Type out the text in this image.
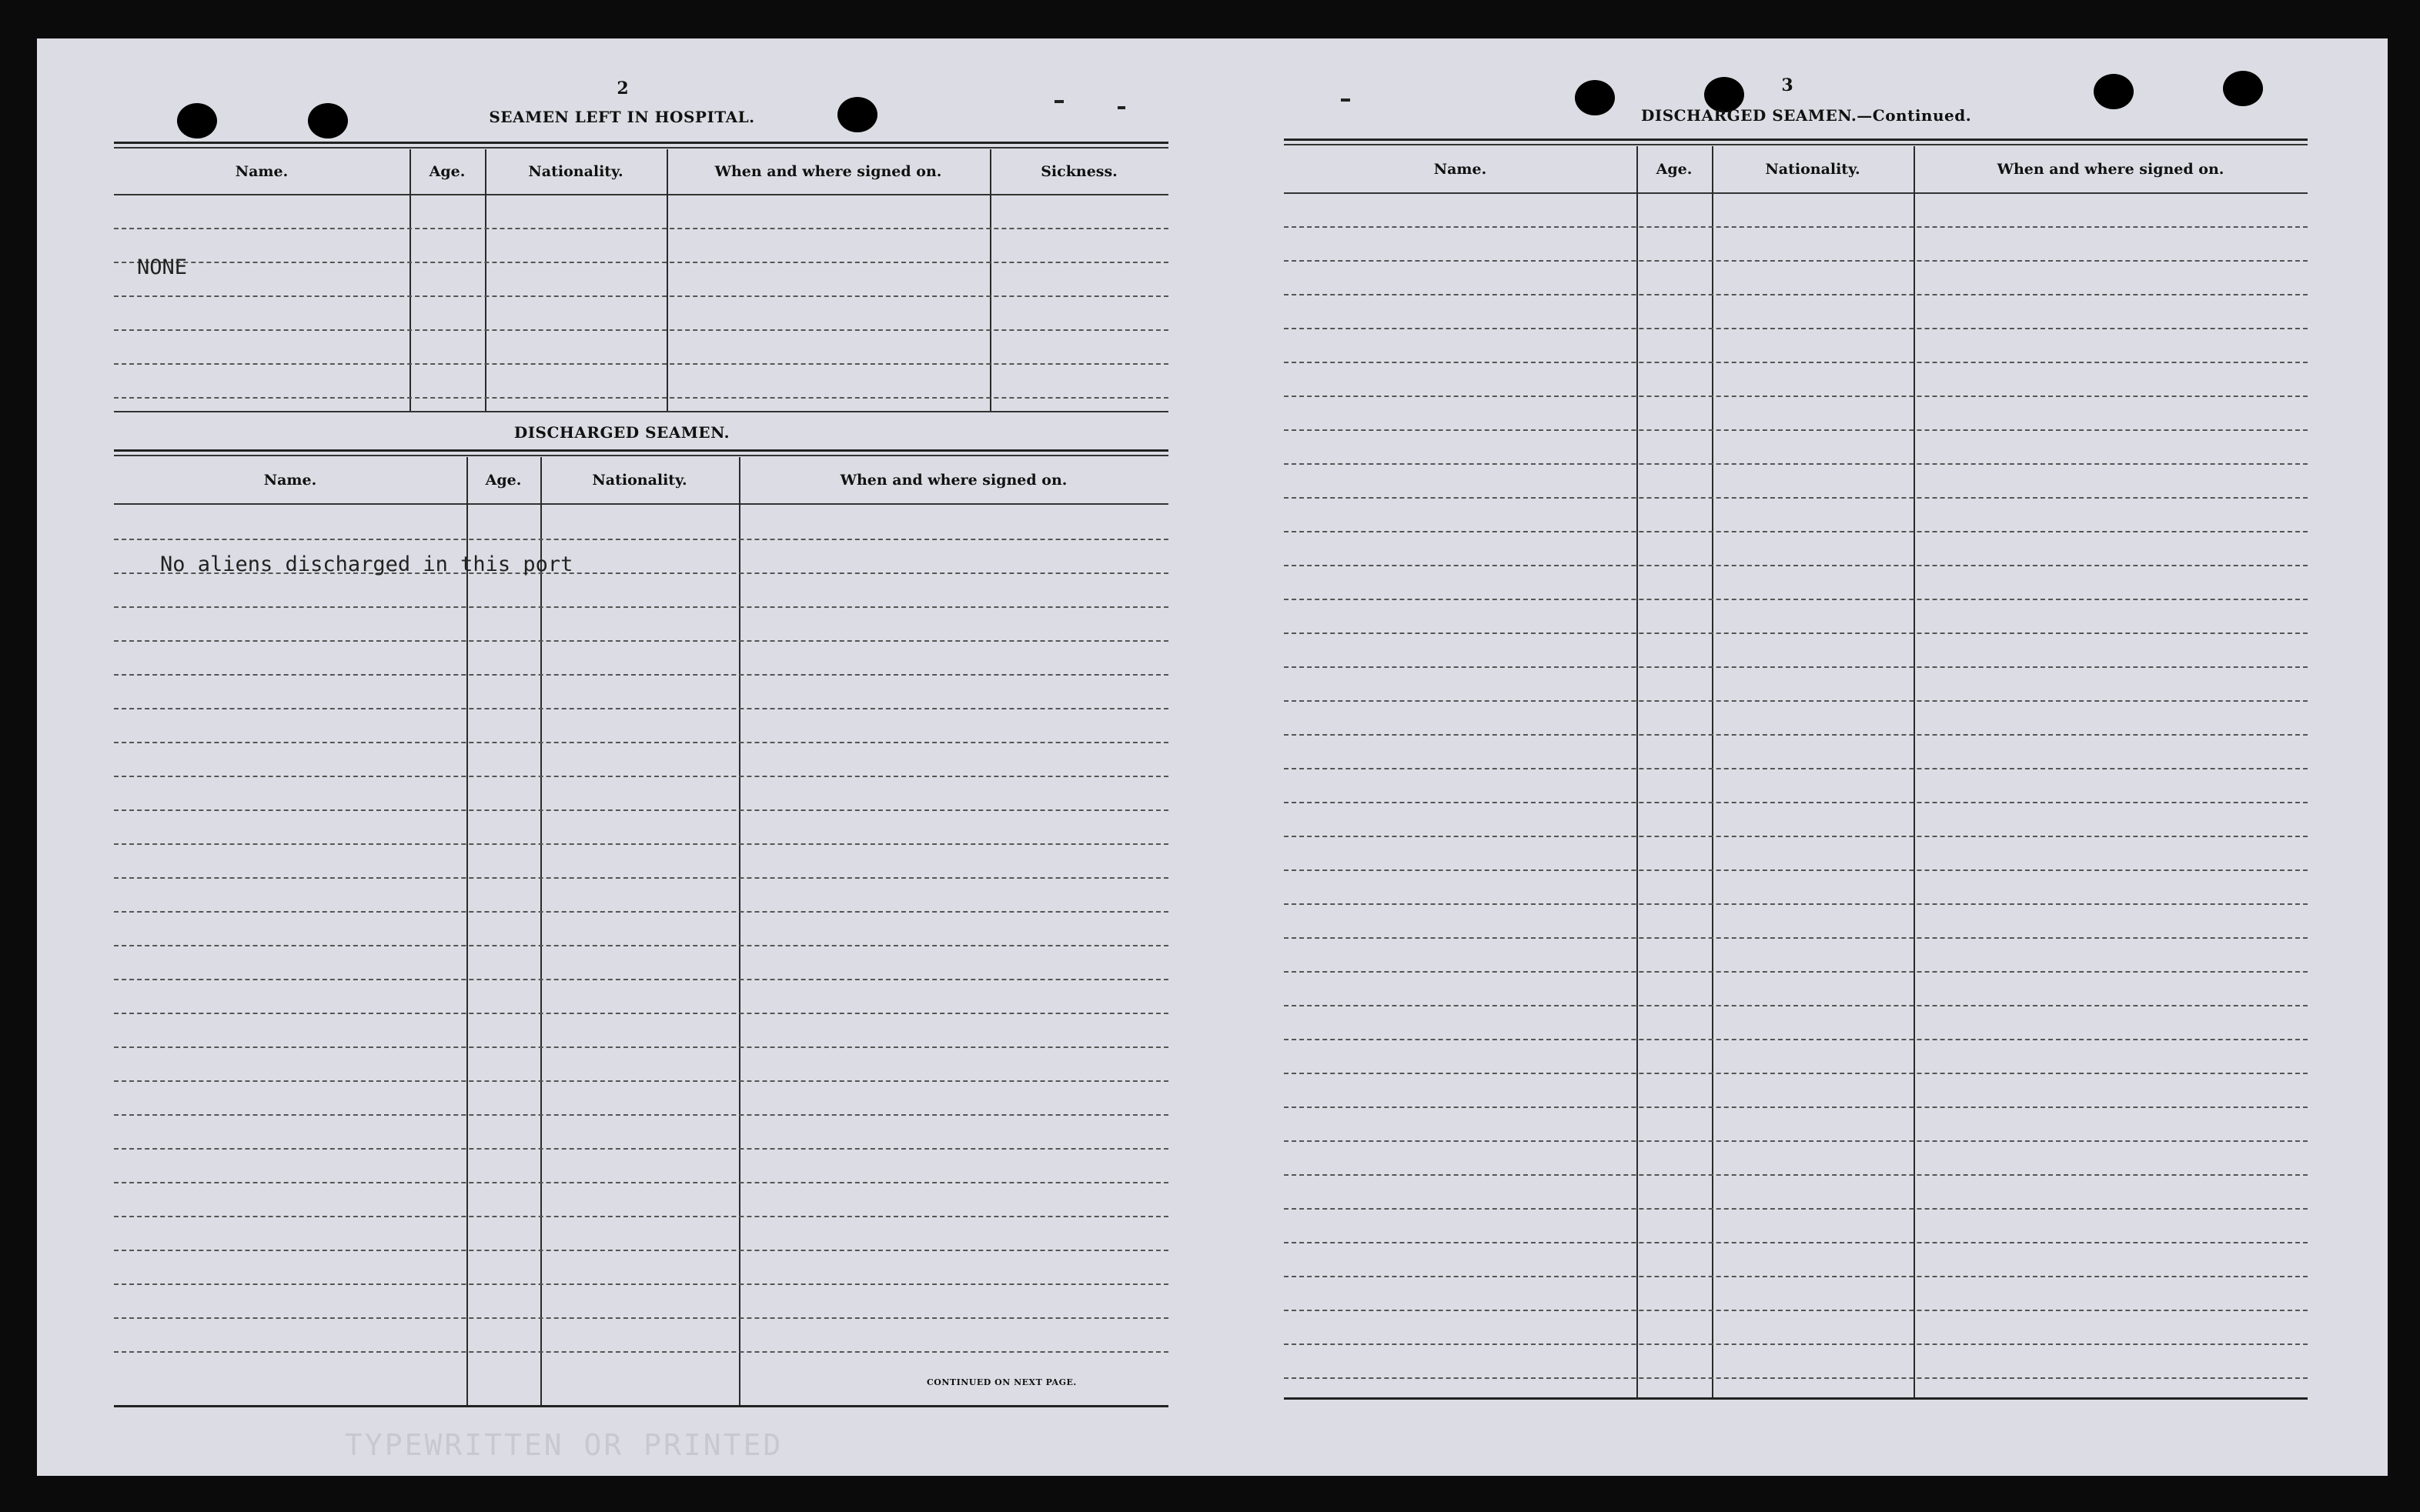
2
SEAMEN LEFT IN HOSPITAL.
Name.	Age.	Nationality.	When and where signed on.	Sickness.
NONE
DISCHARGED SEAMEN.
Name.	Age.	Nationality.	When and where signed on.
No aliens discharged in this port
CONTINUED ON NEXT PAGE.
TYPEWRITTEN OR PRINTED
3
DISCHARGED SEAMEN.—Continued.
Name.	Age.	Nationality.	When and where signed on.
